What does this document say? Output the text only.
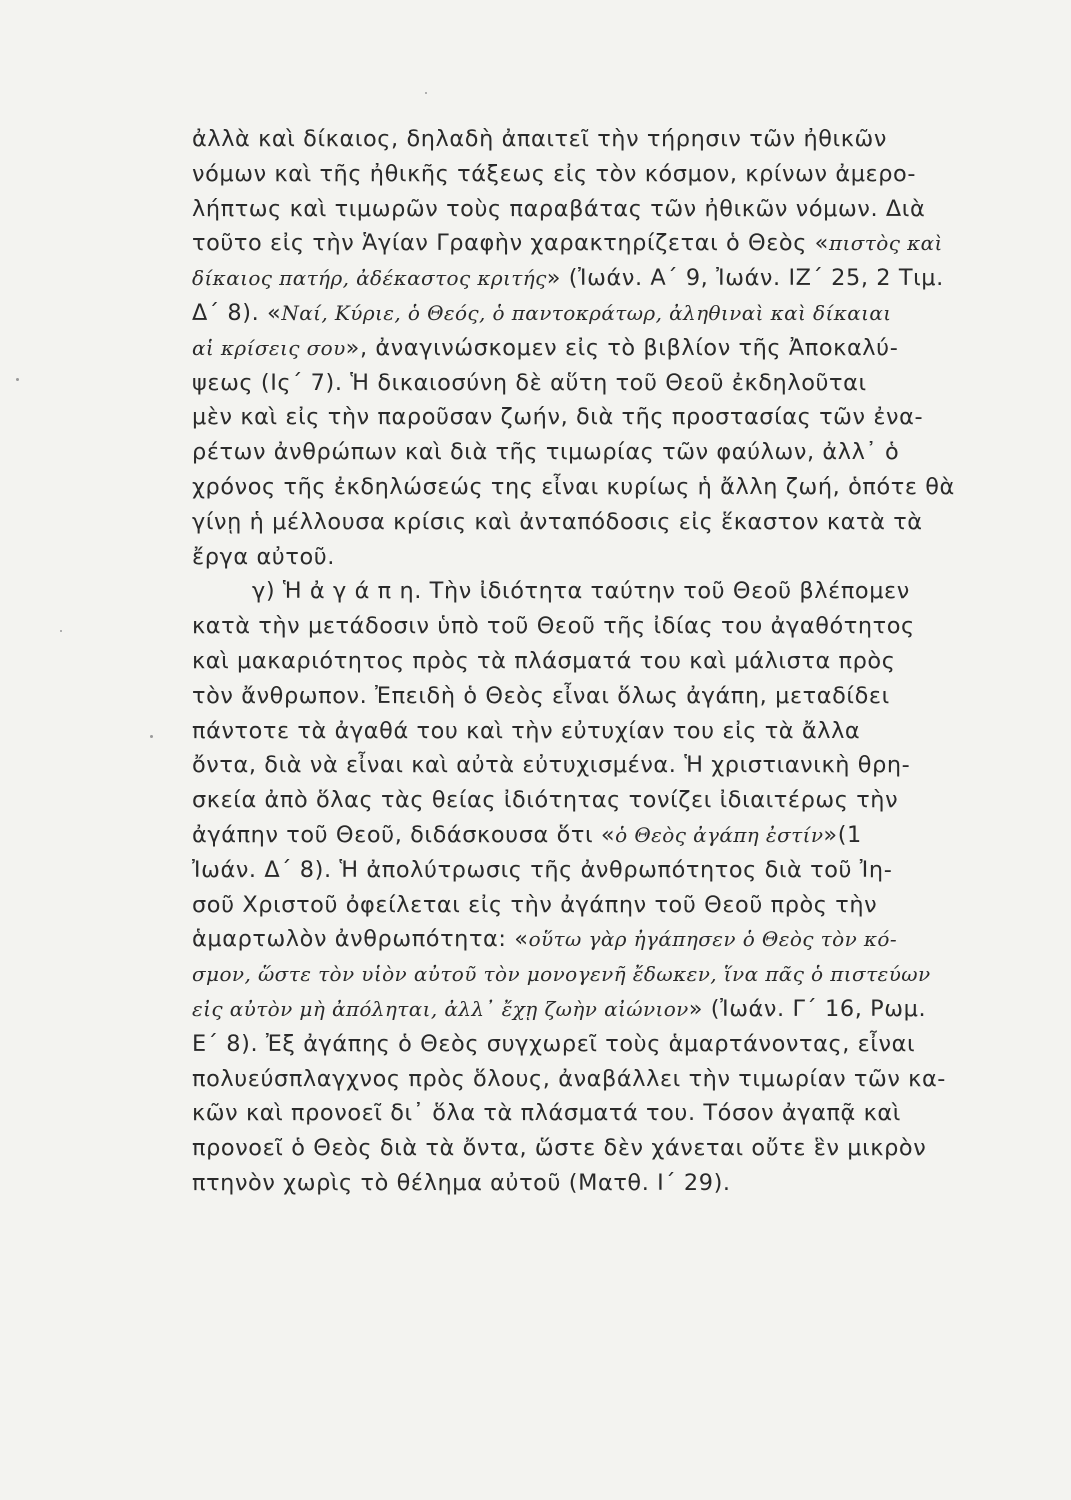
ἀλλὰ καὶ δίκαιος, δηλαδὴ ἀπαιτεῖ τὴν τήρησιν τῶν ἠθικῶν
νόμων καὶ τῆς ἠθικῆς τάξεως εἰς τὸν κόσμον, κρίνων ἀμερο-
λήπτως καὶ τιμωρῶν τοὺς παραβάτας τῶν ἠθικῶν νόμων. Διὰ
τοῦτο εἰς τὴν Ἁγίαν Γραφὴν χαρακτηρίζεται ὁ Θεὸς «πιστὸς καὶ
δίκαιος πατήρ, ἀδέκαστος κριτής» (Ἰωάν. Α΄ 9, Ἰωάν. ΙΖ΄ 25, 2 Τιμ.
Δ΄ 8). «Ναί, Κύριε, ὁ Θεός, ὁ παντοκράτωρ, ἀληθιναὶ καὶ δίκαιαι
αἱ κρίσεις σου», ἀναγινώσκομεν εἰς τὸ βιβλίον τῆς Ἀποκαλύ-
ψεως (Ις΄ 7). Ἡ δικαιοσύνη δὲ αὕτη τοῦ Θεοῦ ἐκδηλοῦται
μὲν καὶ εἰς τὴν παροῦσαν ζωήν, διὰ τῆς προστασίας τῶν ἐνα-
ρέτων ἀνθρώπων καὶ διὰ τῆς τιμωρίας τῶν φαύλων, ἀλλ᾽ ὁ
χρόνος τῆς ἐκδηλώσεώς της εἶναι κυρίως ἡ ἄλλη ζωή, ὁπότε θὰ
γίνῃ ἡ μέλλουσα κρίσις καὶ ἀνταπόδοσις εἰς ἕκαστον κατὰ τὰ
ἔργα αὐτοῦ.
γ) Ἡ ἀ γ ά π η. Τὴν ἰδιότητα ταύτην τοῦ Θεοῦ βλέπομεν
κατὰ τὴν μετάδοσιν ὑπὸ τοῦ Θεοῦ τῆς ἰδίας του ἀγαθότητος
καὶ μακαριότητος πρὸς τὰ πλάσματά του καὶ μάλιστα πρὸς
τὸν ἄνθρωπον. Ἐπειδὴ ὁ Θεὸς εἶναι ὅλως ἀγάπη, μεταδίδει
πάντοτε τὰ ἀγαθά του καὶ τὴν εὐτυχίαν του εἰς τὰ ἄλλα
ὄντα, διὰ νὰ εἶναι καὶ αὐτὰ εὐτυχισμένα. Ἡ χριστιανικὴ θρη-
σκεία ἀπὸ ὅλας τὰς θείας ἰδιότητας τονίζει ἰδιαιτέρως τὴν
ἀγάπην τοῦ Θεοῦ, διδάσκουσα ὅτι «ὁ Θεὸς ἀγάπη ἐστίν»(1
Ἰωάν. Δ΄ 8). Ἡ ἀπολύτρωσις τῆς ἀνθρωπότητος διὰ τοῦ Ἰη-
σοῦ Χριστοῦ ὀφείλεται εἰς τὴν ἀγάπην τοῦ Θεοῦ πρὸς τὴν
ἁμαρτωλὸν ἀνθρωπότητα: «οὕτω γὰρ ἠγάπησεν ὁ Θεὸς τὸν κό-
σμον, ὥστε τὸν υἱὸν αὐτοῦ τὸν μονογενῆ ἔδωκεν, ἵνα πᾶς ὁ πιστεύων
εἰς αὐτὸν μὴ ἀπόληται, ἀλλ᾽ ἔχῃ ζωὴν αἰώνιον» (Ἰωάν. Γ΄ 16, Ρωμ.
Ε΄ 8). Ἐξ ἀγάπης ὁ Θεὸς συγχωρεῖ τοὺς ἁμαρτάνοντας, εἶναι
πολυεύσπλαγχνος πρὸς ὅλους, ἀναβάλλει τὴν τιμωρίαν τῶν κα-
κῶν καὶ προνοεῖ δι᾽ ὅλα τὰ πλάσματά του. Τόσον ἀγαπᾷ καὶ
προνοεῖ ὁ Θεὸς διὰ τὰ ὄντα, ὥστε δὲν χάνεται οὔτε ἓν μικρὸν
πτηνὸν χωρὶς τὸ θέλημα αὐτοῦ (Ματθ. Ι΄ 29).
